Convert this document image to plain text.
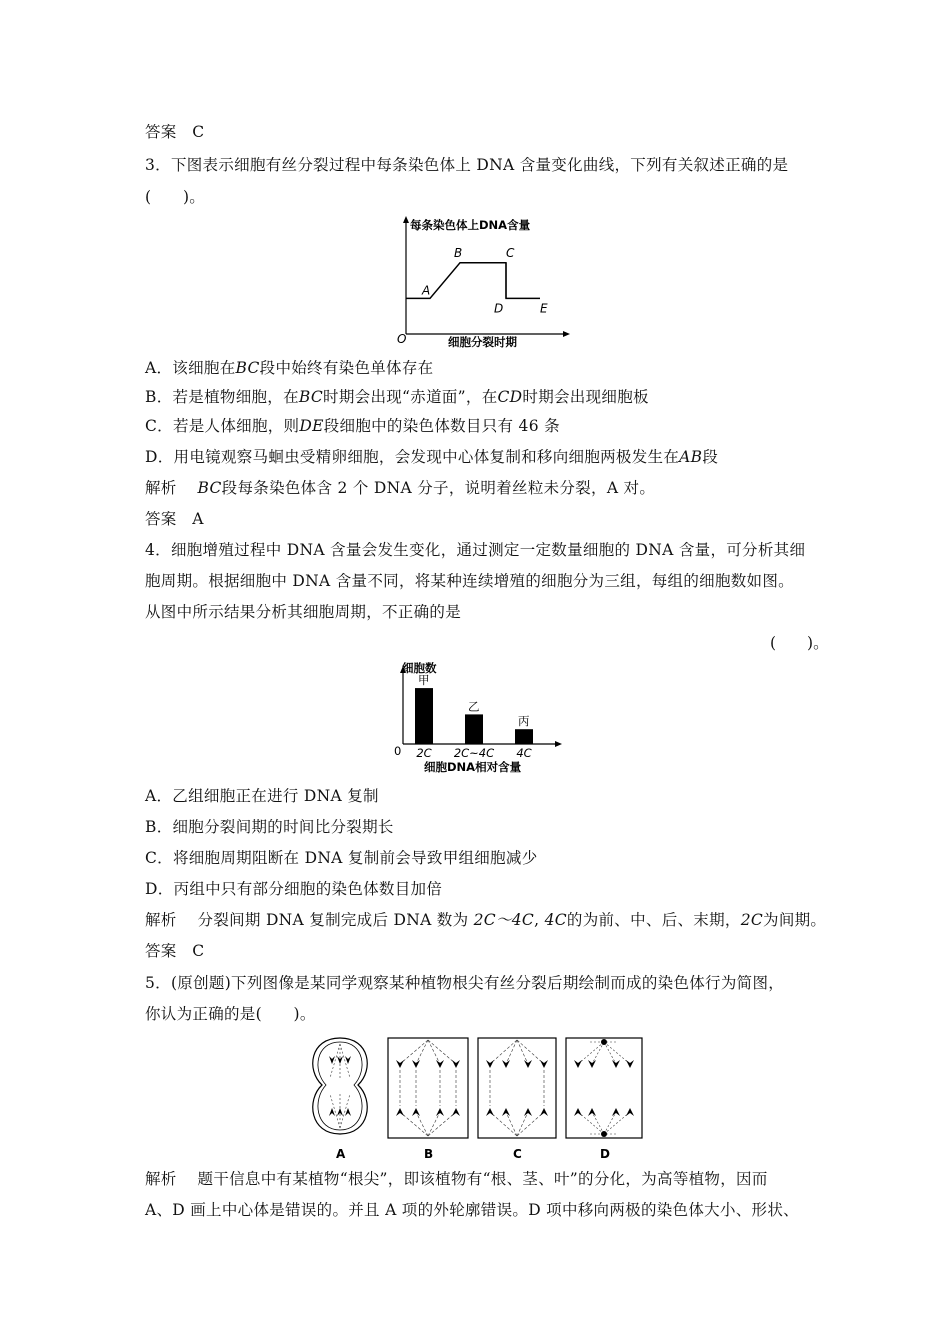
答案 C
3．下图表示细胞有丝分裂过程中每条染色体上 DNA 含量变化曲线，下列有关叙述正确的是
(　　)。
每条染色体上DNA含量
细胞分裂时期
O
A
B	C
D	E
A．该细胞在BC段中始终有染色单体存在
B．若是植物细胞，在BC时期会出现“赤道面”，在CD时期会出现细胞板
C．若是人体细胞，则DE段细胞中的染色体数目只有 46 条
D．用电镜观察马蛔虫受精卵细胞，会发现中心体复制和移向细胞两极发生在AB段
解析 BC段每条染色体含 2 个 DNA 分子，说明着丝粒未分裂，A 对。
答案 A
4．细胞增殖过程中 DNA 含量会发生变化，通过测定一定数量细胞的 DNA 含量，可分析其细
胞周期。根据细胞中 DNA 含量不同，将某种连续增殖的细胞分为三组，每组的细胞数如图。
从图中所示结果分析其细胞周期，不正确的是
(　　)。
细胞数
细胞DNA相对含量
0
甲
2C
乙
2C~4C
丙
4C
A．乙组细胞正在进行 DNA 复制
B．细胞分裂间期的时间比分裂期长
C．将细胞周期阻断在 DNA 复制前会导致甲组细胞减少
D．丙组中只有部分细胞的染色体数目加倍
解析 分裂间期 DNA 复制完成后 DNA 数为 2C～4C, 4C的为前、中、后、末期，2C为间期。
答案 C
5．(原创题)下列图像是某同学观察某种植物根尖有丝分裂后期绘制而成的染色体行为简图，
你认为正确的是(　　)。
A	B	C	D
解析 题干信息中有某植物“根尖”，即该植物有“根、茎、叶”的分化，为高等植物，因而
A、D 画上中心体是错误的。并且 A 项的外轮廓错误。D 项中移向两极的染色体大小、形状、
